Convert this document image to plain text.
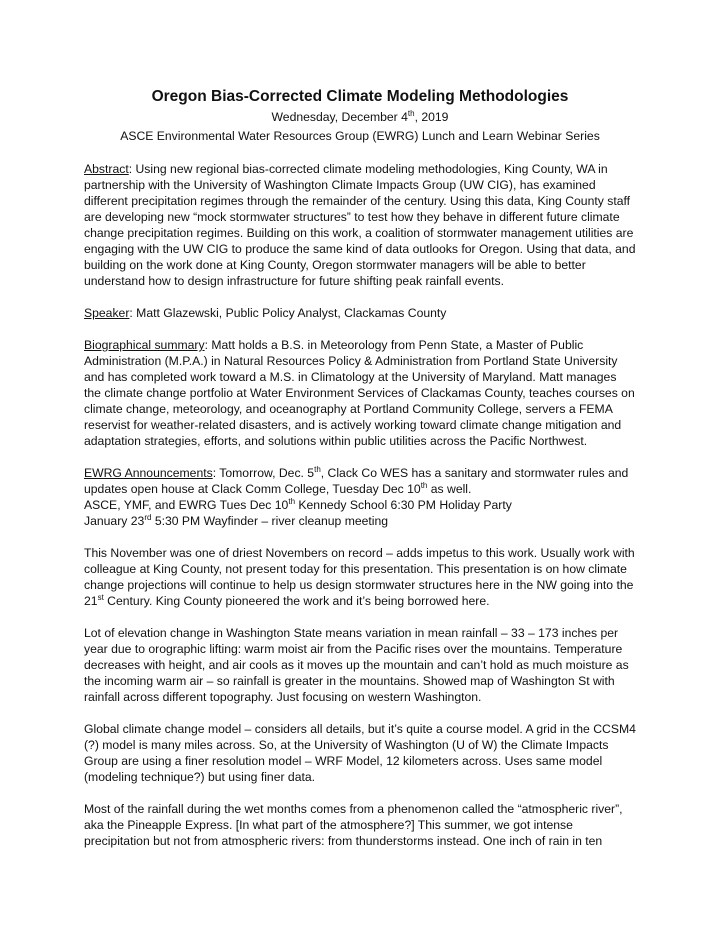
Oregon Bias-Corrected Climate Modeling Methodologies

Wednesday, December 4th, 2019

ASCE Environmental Water Resources Group (EWRG) Lunch and Learn Webinar Series

Abstract: Using new regional bias-corrected climate modeling methodologies, King County, WA in partnership with the University of Washington Climate Impacts Group (UW CIG), has examined different precipitation regimes through the remainder of the century. Using this data, King County staff are developing new “mock stormwater structures” to test how they behave in different future climate change precipitation regimes. Building on this work, a coalition of stormwater management utilities are engaging with the UW CIG to produce the same kind of data outlooks for Oregon. Using that data, and building on the work done at King County, Oregon stormwater managers will be able to better understand how to design infrastructure for future shifting peak rainfall events.

Speaker: Matt Glazewski, Public Policy Analyst, Clackamas County

Biographical summary: Matt holds a B.S. in Meteorology from Penn State, a Master of Public Administration (M.P.A.) in Natural Resources Policy & Administration from Portland State University and has completed work toward a M.S. in Climatology at the University of Maryland. Matt manages the climate change portfolio at Water Environment Services of Clackamas County, teaches courses on climate change, meteorology, and oceanography at Portland Community College, servers a FEMA reservist for weather-related disasters, and is actively working toward climate change mitigation and adaptation strategies, efforts, and solutions within public utilities across the Pacific Northwest.

EWRG Announcements: Tomorrow, Dec. 5th, Clack Co WES has a sanitary and stormwater rules and updates open house at Clack Comm College, Tuesday Dec 10th as well.

ASCE, YMF, and EWRG Tues Dec 10th Kennedy School 6:30 PM Holiday Party

January 23rd 5:30 PM Wayfinder – river cleanup meeting

This November was one of driest Novembers on record – adds impetus to this work. Usually work with colleague at King County, not present today for this presentation. This presentation is on how climate change projections will continue to help us design stormwater structures here in the NW going into the 21st Century. King County pioneered the work and it’s being borrowed here.

Lot of elevation change in Washington State means variation in mean rainfall – 33 – 173 inches per year due to orographic lifting: warm moist air from the Pacific rises over the mountains. Temperature decreases with height, and air cools as it moves up the mountain and can’t hold as much moisture as the incoming warm air – so rainfall is greater in the mountains. Showed map of Washington St with rainfall across different topography. Just focusing on western Washington.

Global climate change model – considers all details, but it’s quite a course model. A grid in the CCSM4 (?) model is many miles across. So, at the University of Washington (U of W) the Climate Impacts Group are using a finer resolution model – WRF Model, 12 kilometers across. Uses same model (modeling technique?) but using finer data.

Most of the rainfall during the wet months comes from a phenomenon called the “atmospheric river”, aka the Pineapple Express. [In what part of the atmosphere?] This summer, we got intense precipitation but not from atmospheric rivers: from thunderstorms instead. One inch of rain in ten
